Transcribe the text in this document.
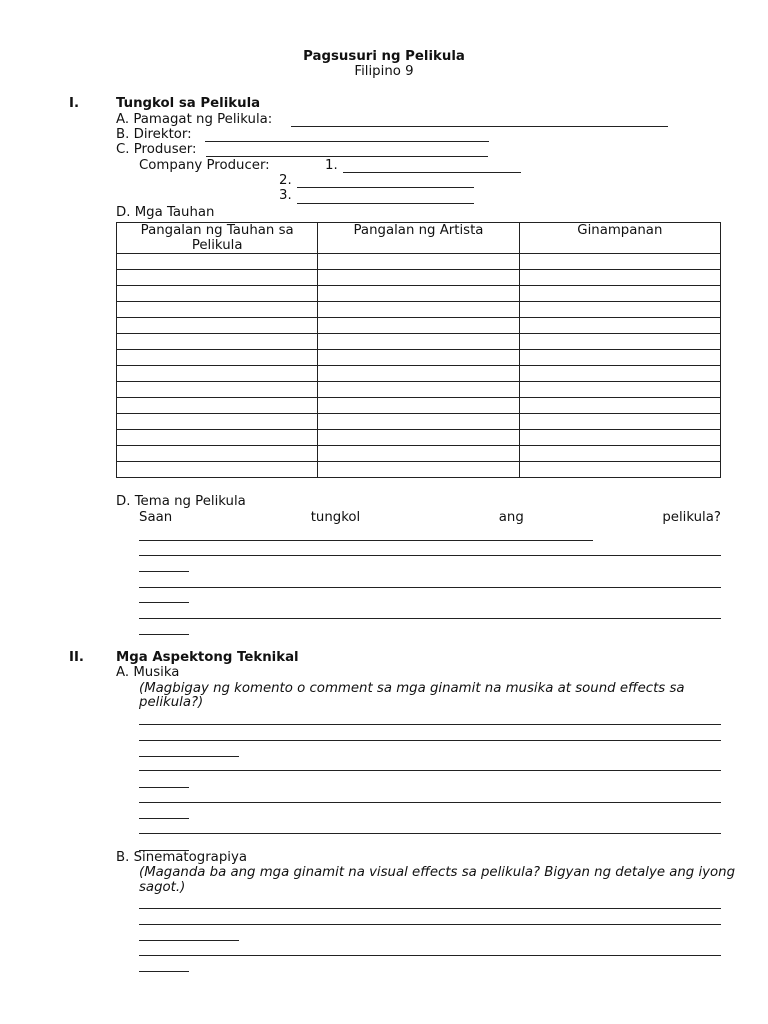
Pagsusuri ng Pelikula
Filipino 9
I.	Tungkol sa Pelikula
A. Pamagat ng Pelikula:
B. Direktor:
C. Produser:
Company Producer:	1.
2.
3.
D. Mga Tauhan
Pangalan ng Tauhan sa Pelikula	Pangalan ng Artista	Ginampanan

D. Tema ng Pelikula
Saan	tungkol	ang	pelikula?
II. Mga Aspektong Teknikal
A. Musika
(Magbigay ng komento o comment sa mga ginamit na musika at sound effects sa
pelikula?)
B. Sinematograpiya
(Maganda ba ang mga ginamit na visual effects sa pelikula? Bigyan ng detalye ang iyong
sagot.)
